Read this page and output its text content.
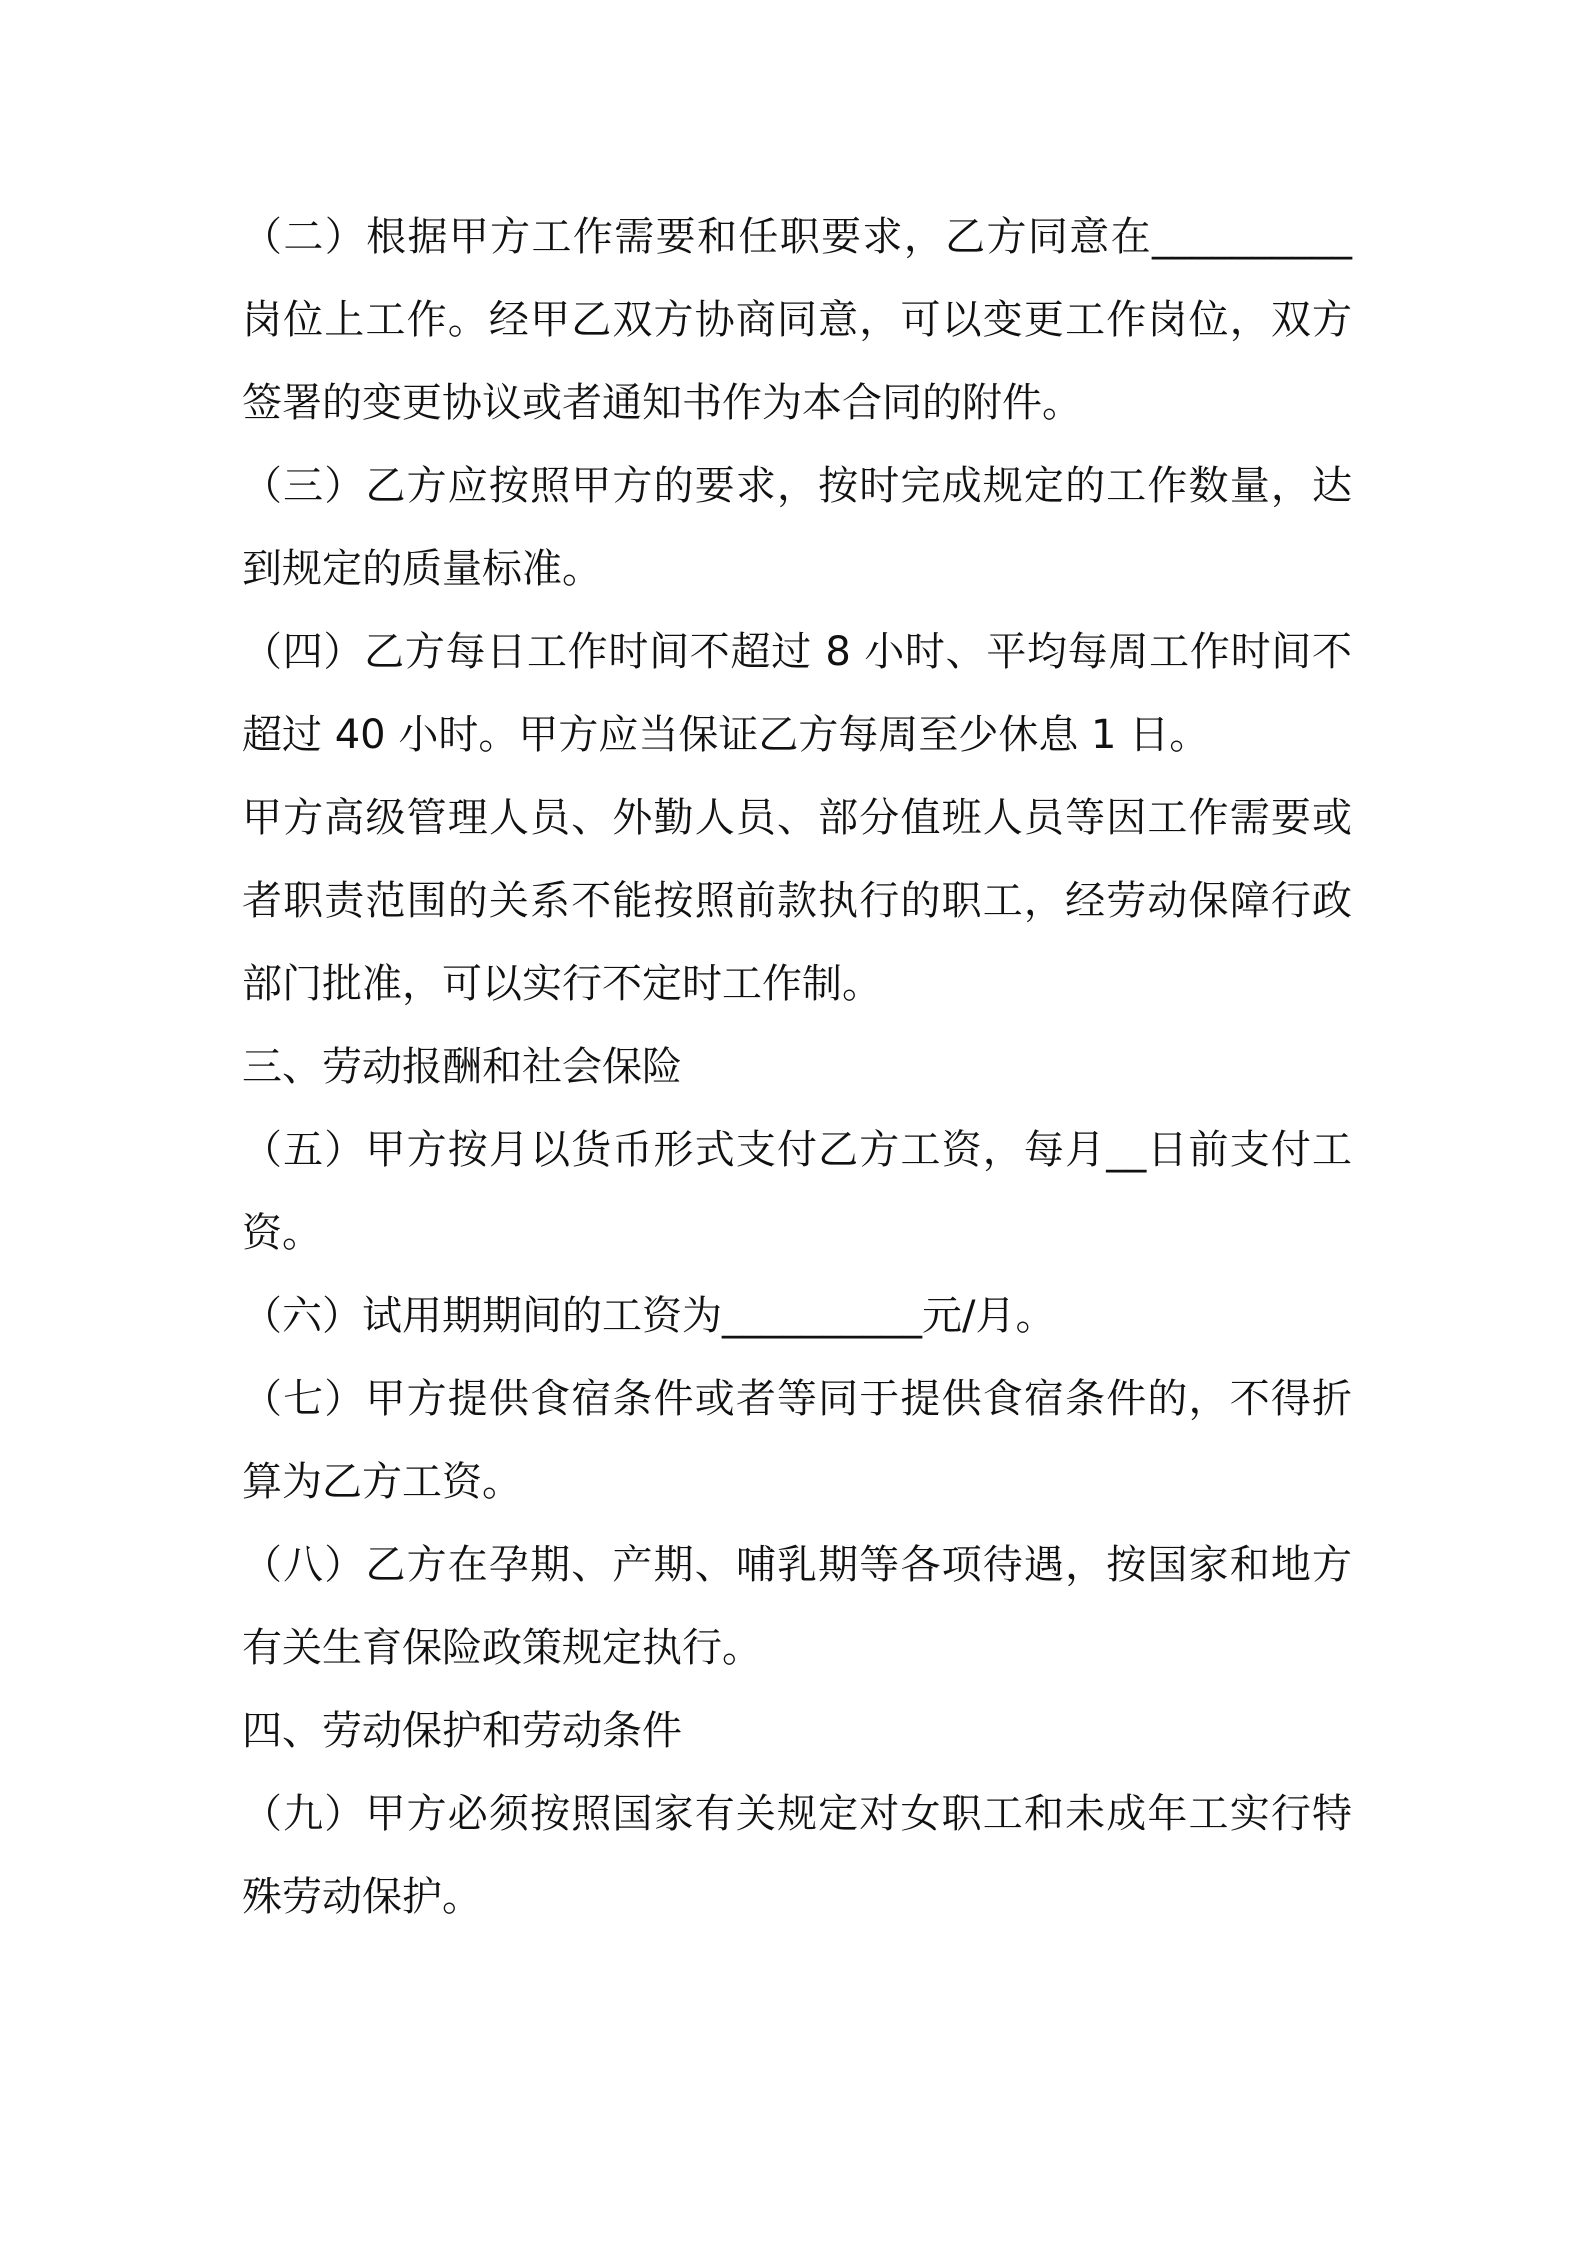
（二）根据甲方工作需要和任职要求，乙方同意在__________岗位上工作。经甲乙双方协商同意，可以变更工作岗位，双方签署的变更协议或者通知书作为本合同的附件。

（三）乙方应按照甲方的要求，按时完成规定的工作数量，达到规定的质量标准。

（四）乙方每日工作时间不超过 8 小时、平均每周工作时间不超过 40 小时。甲方应当保证乙方每周至少休息 1 日。

甲方高级管理人员、外勤人员、部分值班人员等因工作需要或者职责范围的关系不能按照前款执行的职工，经劳动保障行政部门批准，可以实行不定时工作制。

三、劳动报酬和社会保险

（五）甲方按月以货币形式支付乙方工资，每月__日前支付工资。

（六）试用期期间的工资为__________元/月。

（七）甲方提供食宿条件或者等同于提供食宿条件的，不得折算为乙方工资。

（八）乙方在孕期、产期、哺乳期等各项待遇，按国家和地方有关生育保险政策规定执行。

四、劳动保护和劳动条件

（九）甲方必须按照国家有关规定对女职工和未成年工实行特殊劳动保护。
